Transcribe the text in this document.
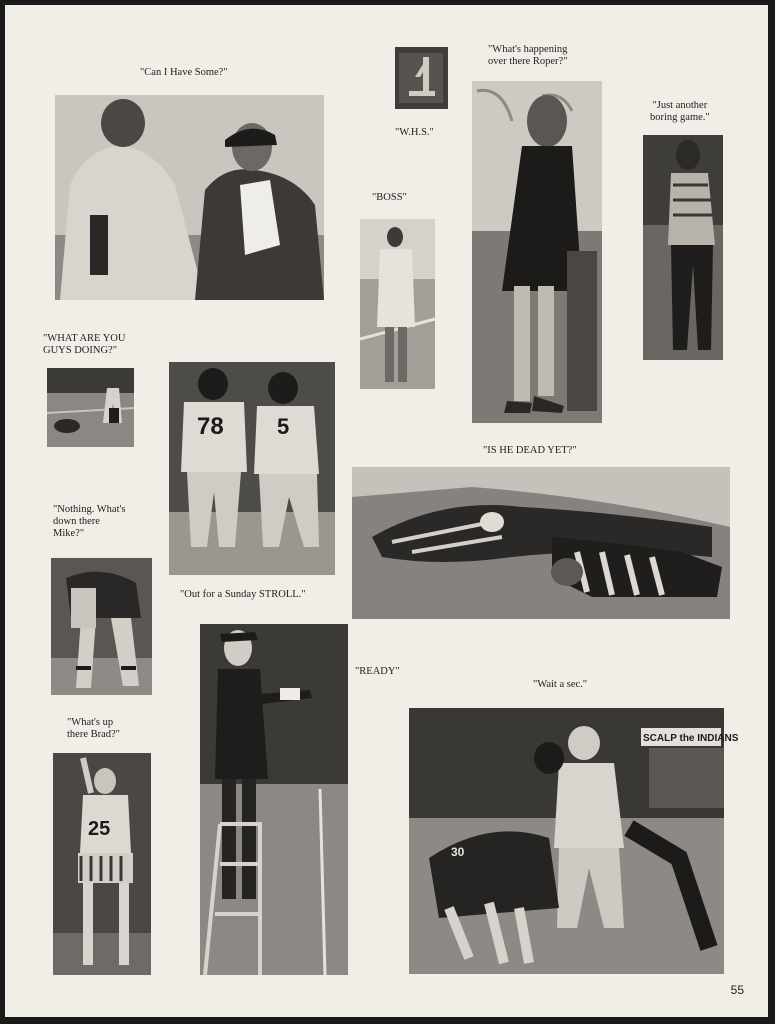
"Can I Have Some?"
"W.H.S."
"What's happening
over there Roper?"
"Just another
boring game."
"BOSS"
"WHAT ARE YOU
GUYS DOING?"
"IS HE DEAD YET?"
"Nothing. What's
down there
Mike?"
"Out for a Sunday STROLL."
"READY"
"Wait a sec."
"What's up
there Brad?"
78 5
SCALP the INDIANS
30
25
55
